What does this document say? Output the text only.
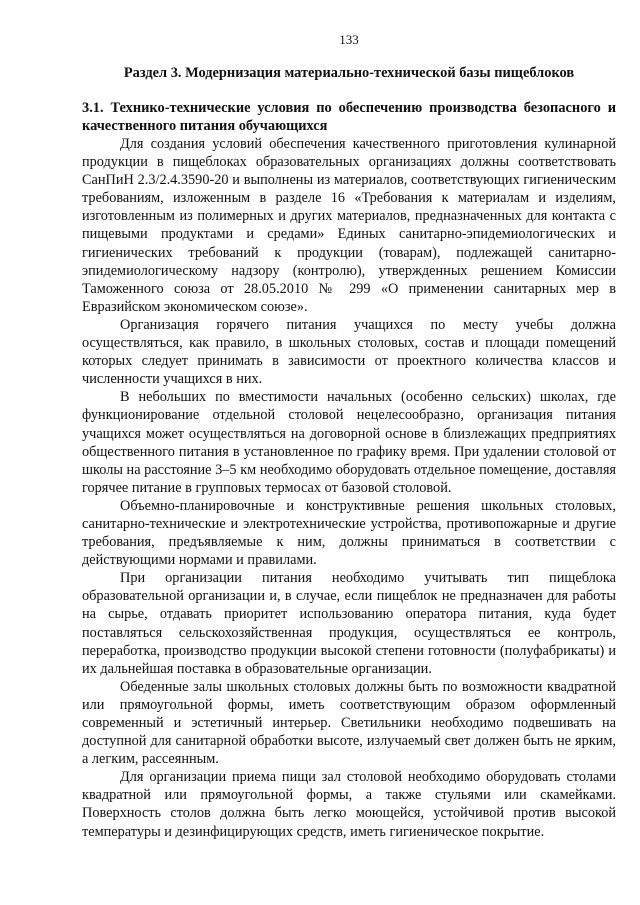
133
Раздел 3. Модернизация материально-технической базы пищеблоков
3.1. Технико-технические условия по обеспечению производства безопасного и качественного питания обучающихся

Для создания условий обеспечения качественного приготовления кулинарной продукции в пищеблоках образовательных организациях должны соответствовать СанПиН 2.3/2.4.3590-20 и выполнены из материалов, соответствующих гигиеническим требованиям, изложенным в разделе 16 «Требования к материалам и изделиям, изготовленным из полимерных и других материалов, предназначенных для контакта с пищевыми продуктами и средами» Единых санитарно-эпидемиологических и гигиенических требований к продукции (товарам), подлежащей санитарно-эпидемиологическому надзору (контролю), утвержденных решением Комиссии Таможенного союза от 28.05.2010 № 299 «О применении санитарных мер в Евразийском экономическом союзе».

Организация горячего питания учащихся по месту учебы должна осуществляться, как правило, в школьных столовых, состав и площади помещений которых следует принимать в зависимости от проектного количества классов и численности учащихся в них.

В небольших по вместимости начальных (особенно сельских) школах, где функционирование отдельной столовой нецелесообразно, организация питания учащихся может осуществляться на договорной основе в близлежащих предприятиях общественного питания в установленное по графику время. При удалении столовой от школы на расстояние 3–5 км необходимо оборудовать отдельное помещение, доставляя горячее питание в групповых термосах от базовой столовой.

Объемно-планировочные и конструктивные решения школьных столовых, санитарно-технические и электротехнические устройства, противопожарные и другие требования, предъявляемые к ним, должны приниматься в соответствии с действующими нормами и правилами.

При организации питания необходимо учитывать тип пищеблока образовательной организации и, в случае, если пищеблок не предназначен для работы на сырье, отдавать приоритет использованию оператора питания, куда будет поставляться сельскохозяйственная продукция, осуществляться ее контроль, переработка, производство продукции высокой степени готовности (полуфабрикаты) и их дальнейшая поставка в образовательные организации.

Обеденные залы школьных столовых должны быть по возможности квадратной или прямоугольной формы, иметь соответствующим образом оформленный современный и эстетичный интерьер. Светильники необходимо подвешивать на доступной для санитарной обработки высоте, излучаемый свет должен быть не ярким, а легким, рассеянным.

Для организации приема пищи зал столовой необходимо оборудовать столами квадратной или прямоугольной формы, а также стульями или скамейками. Поверхность столов должна быть легко моющейся, устойчивой против высокой температуры и дезинфицирующих средств, иметь гигиеническое покрытие.
